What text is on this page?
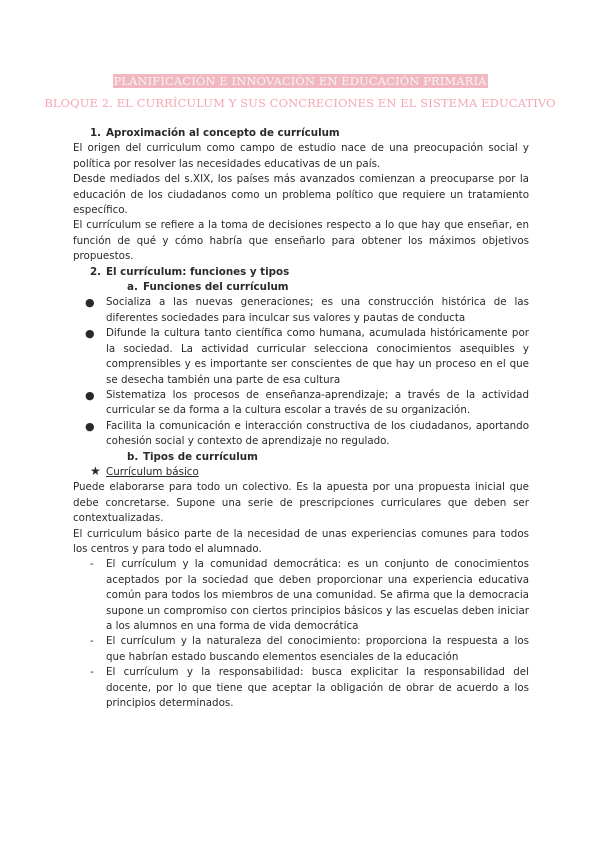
PLANIFICACIÓN E INNOVACIÓN EN EDUCACIÓN PRIMARIA
BLOQUE 2. EL CURRÍCULUM Y SUS CONCRECIONES EN EL SISTEMA EDUCATIVO
1. Aproximación al concepto de currículum

El origen del curriculum como campo de estudio nace de una preocupación social y política por resolver las necesidades educativas de un país.

Desde mediados del s.XIX, los países más avanzados comienzan a preocuparse por la educación de los ciudadanos como un problema político que requiere un tratamiento específico.

El currículum se refiere a la toma de decisiones respecto a lo que hay que enseñar, en función de qué y cómo habría que enseñarlo para obtener los máximos objetivos propuestos.

2. El currículum: funciones y tipos
a. Funciones del currículum
● Socializa a las nuevas generaciones; es una construcción histórica de las diferentes sociedades para inculcar sus valores y pautas de conducta
● Difunde la cultura tanto científica como humana, acumulada históricamente por la sociedad. La actividad curricular selecciona conocimientos asequibles y comprensibles y es importante ser conscientes de que hay un proceso en el que se desecha también una parte de esa cultura
● Sistematiza los procesos de enseñanza-aprendizaje; a través de la actividad curricular se da forma a la cultura escolar a través de su organización.
● Facilita la comunicación e interacción constructiva de los ciudadanos, aportando cohesión social y contexto de aprendizaje no regulado.
b. Tipos de currículum
★ Currículum básico

Puede elaborarse para todo un colectivo. Es la apuesta por una propuesta inicial que debe concretarse. Supone una serie de prescripciones curriculares que deben ser contextualizadas.

El curriculum básico parte de la necesidad de unas experiencias comunes para todos los centros y para todo el alumnado.

- El currículum y la comunidad democrática: es un conjunto de conocimientos aceptados por la sociedad que deben proporcionar una experiencia educativa común para todos los miembros de una comunidad. Se afirma que la democracia supone un compromiso con ciertos principios básicos y las escuelas deben iniciar a los alumnos en una forma de vida democrática
- El currículum y la naturaleza del conocimiento: proporciona la respuesta a los que habrían estado buscando elementos esenciales de la educación
- El currículum y la responsabilidad: busca explicitar la responsabilidad del docente, por lo que tiene que aceptar la obligación de obrar de acuerdo a los principios determinados.
